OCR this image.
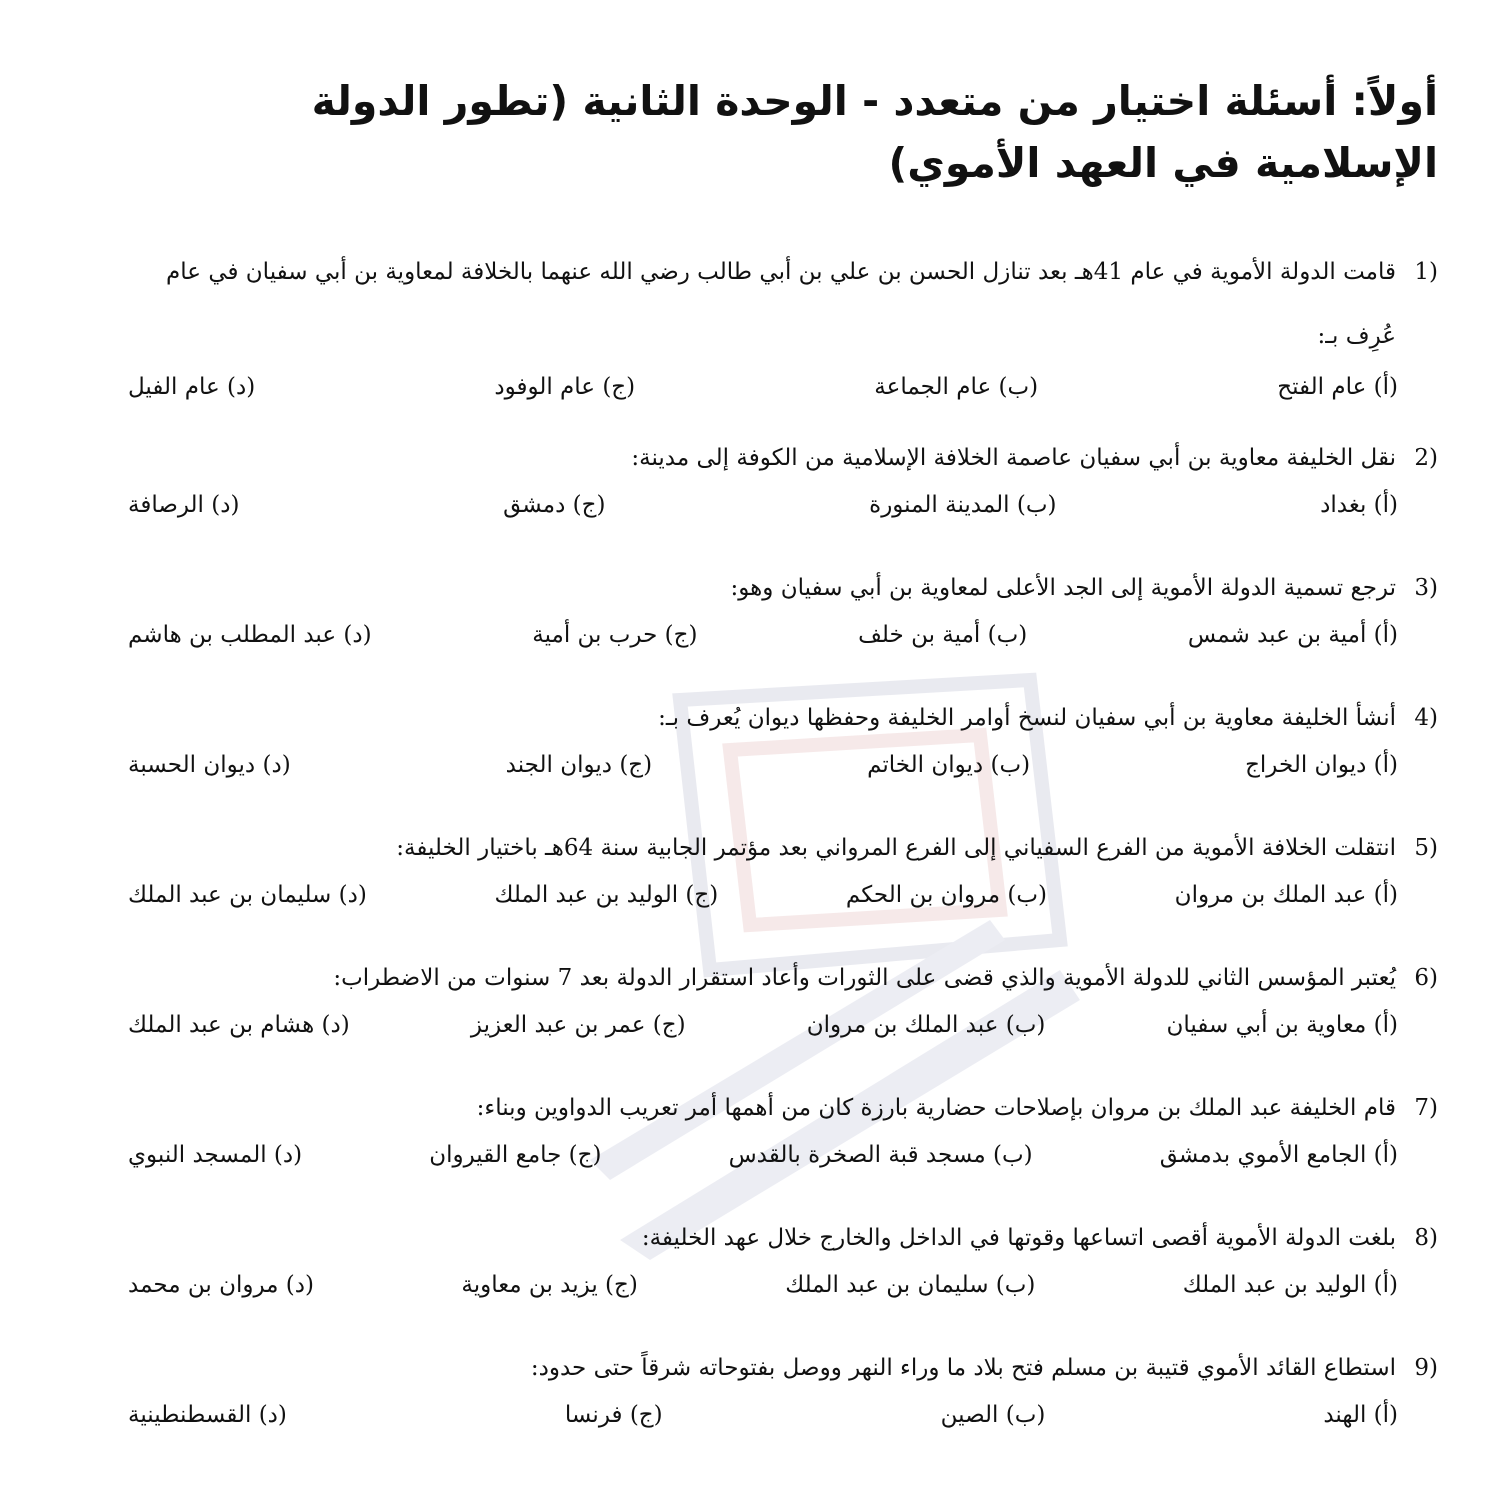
أولاً: أسئلة اختيار من متعدد - الوحدة الثانية (تطور الدولة الإسلامية في العهد الأموي)
1)
قامت الدولة الأموية في عام 41هـ بعد تنازل الحسن بن علي بن أبي طالب رضي الله عنهما بالخلافة لمعاوية بن أبي سفيان في عام عُرِف بـ:
(أ) عام الفتح
(ب) عام الجماعة
(ج) عام الوفود
(د) عام الفيل
2)
نقل الخليفة معاوية بن أبي سفيان عاصمة الخلافة الإسلامية من الكوفة إلى مدينة:
(أ) بغداد
(ب) المدينة المنورة
(ج) دمشق
(د) الرصافة
3)
ترجع تسمية الدولة الأموية إلى الجد الأعلى لمعاوية بن أبي سفيان وهو:
(أ) أمية بن عبد شمس
(ب) أمية بن خلف
(ج) حرب بن أمية
(د) عبد المطلب بن هاشم
4)
أنشأ الخليفة معاوية بن أبي سفيان لنسخ أوامر الخليفة وحفظها ديوان يُعرف بـ:
(أ) ديوان الخراج
(ب) ديوان الخاتم
(ج) ديوان الجند
(د) ديوان الحسبة
5)
انتقلت الخلافة الأموية من الفرع السفياني إلى الفرع المرواني بعد مؤتمر الجابية سنة 64هـ باختيار الخليفة:
(أ) عبد الملك بن مروان
(ب) مروان بن الحكم
(ج) الوليد بن عبد الملك
(د) سليمان بن عبد الملك
6)
يُعتبر المؤسس الثاني للدولة الأموية والذي قضى على الثورات وأعاد استقرار الدولة بعد 7 سنوات من الاضطراب:
(أ) معاوية بن أبي سفيان
(ب) عبد الملك بن مروان
(ج) عمر بن عبد العزيز
(د) هشام بن عبد الملك
7)
قام الخليفة عبد الملك بن مروان بإصلاحات حضارية بارزة كان من أهمها أمر تعريب الدواوين وبناء:
(أ) الجامع الأموي بدمشق
(ب) مسجد قبة الصخرة بالقدس
(ج) جامع القيروان
(د) المسجد النبوي
8)
بلغت الدولة الأموية أقصى اتساعها وقوتها في الداخل والخارج خلال عهد الخليفة:
(أ) الوليد بن عبد الملك
(ب) سليمان بن عبد الملك
(ج) يزيد بن معاوية
(د) مروان بن محمد
9)
استطاع القائد الأموي قتيبة بن مسلم فتح بلاد ما وراء النهر ووصل بفتوحاته شرقاً حتى حدود:
(أ) الهند
(ب) الصين
(ج) فرنسا
(د) القسطنطينية
